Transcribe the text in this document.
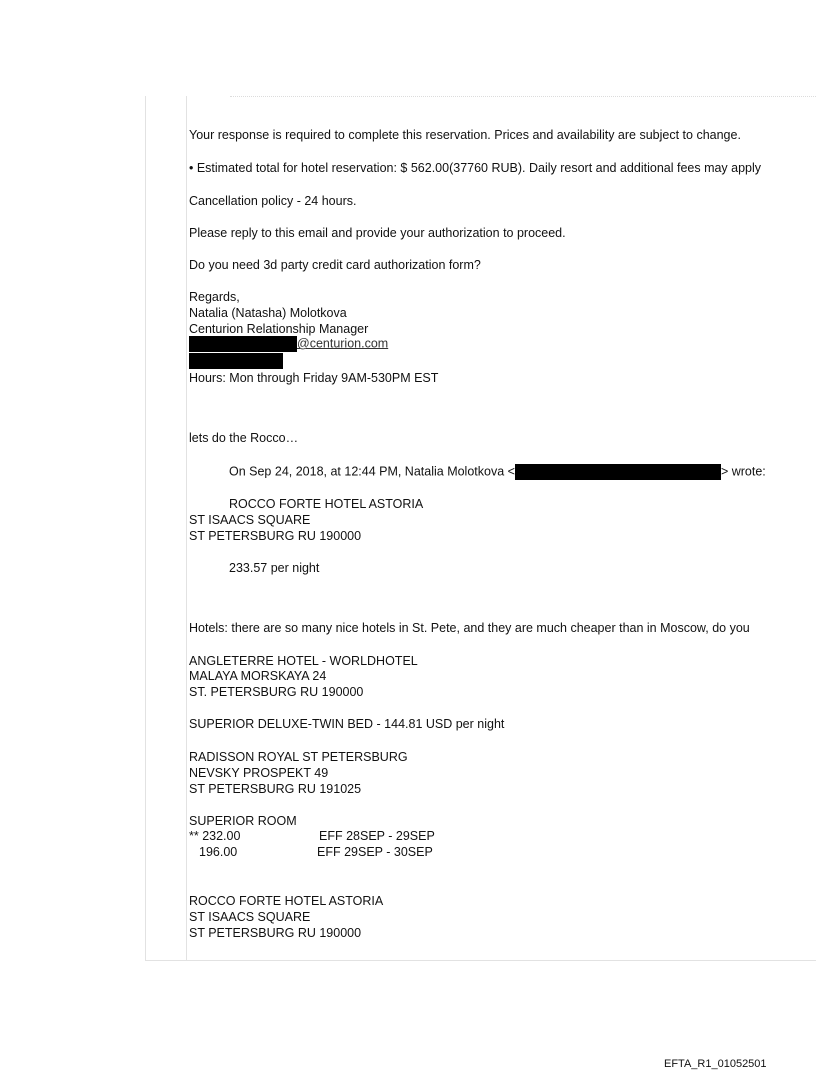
Your response is required to complete this reservation. Prices and availability are subject to change.
• Estimated total for hotel reservation: $ 562.00(37760 RUB). Daily resort and additional fees may apply
Cancellation policy - 24 hours.
Please reply to this email and provide your authorization to proceed.
Do you need 3d party credit card authorization form?
Regards,
Natalia (Natasha) Molotkova
Centurion Relationship Manager
@centurion.com
Hours: Mon through Friday 9AM-530PM EST
lets do the Rocco…
On Sep 24, 2018, at 12:44 PM, Natalia Molotkova <	> wrote:
ROCCO FORTE HOTEL ASTORIA
ST ISAACS SQUARE
ST PETERSBURG RU 190000
233.57 per night
Hotels: there are so many nice hotels in St. Pete, and they are much cheaper than in Moscow, do you
ANGLETERRE HOTEL - WORLDHOTEL
MALAYA MORSKAYA 24
ST. PETERSBURG RU 190000
SUPERIOR DELUXE-TWIN BED - 144.81 USD per night
RADISSON ROYAL ST PETERSBURG
NEVSKY PROSPEKT 49
ST PETERSBURG RU 191025
SUPERIOR ROOM
** 232.00	EFF 28SEP - 29SEP
196.00	EFF 29SEP - 30SEP
ROCCO FORTE HOTEL ASTORIA
ST ISAACS SQUARE
ST PETERSBURG RU 190000
EFTA_R1_01052501
